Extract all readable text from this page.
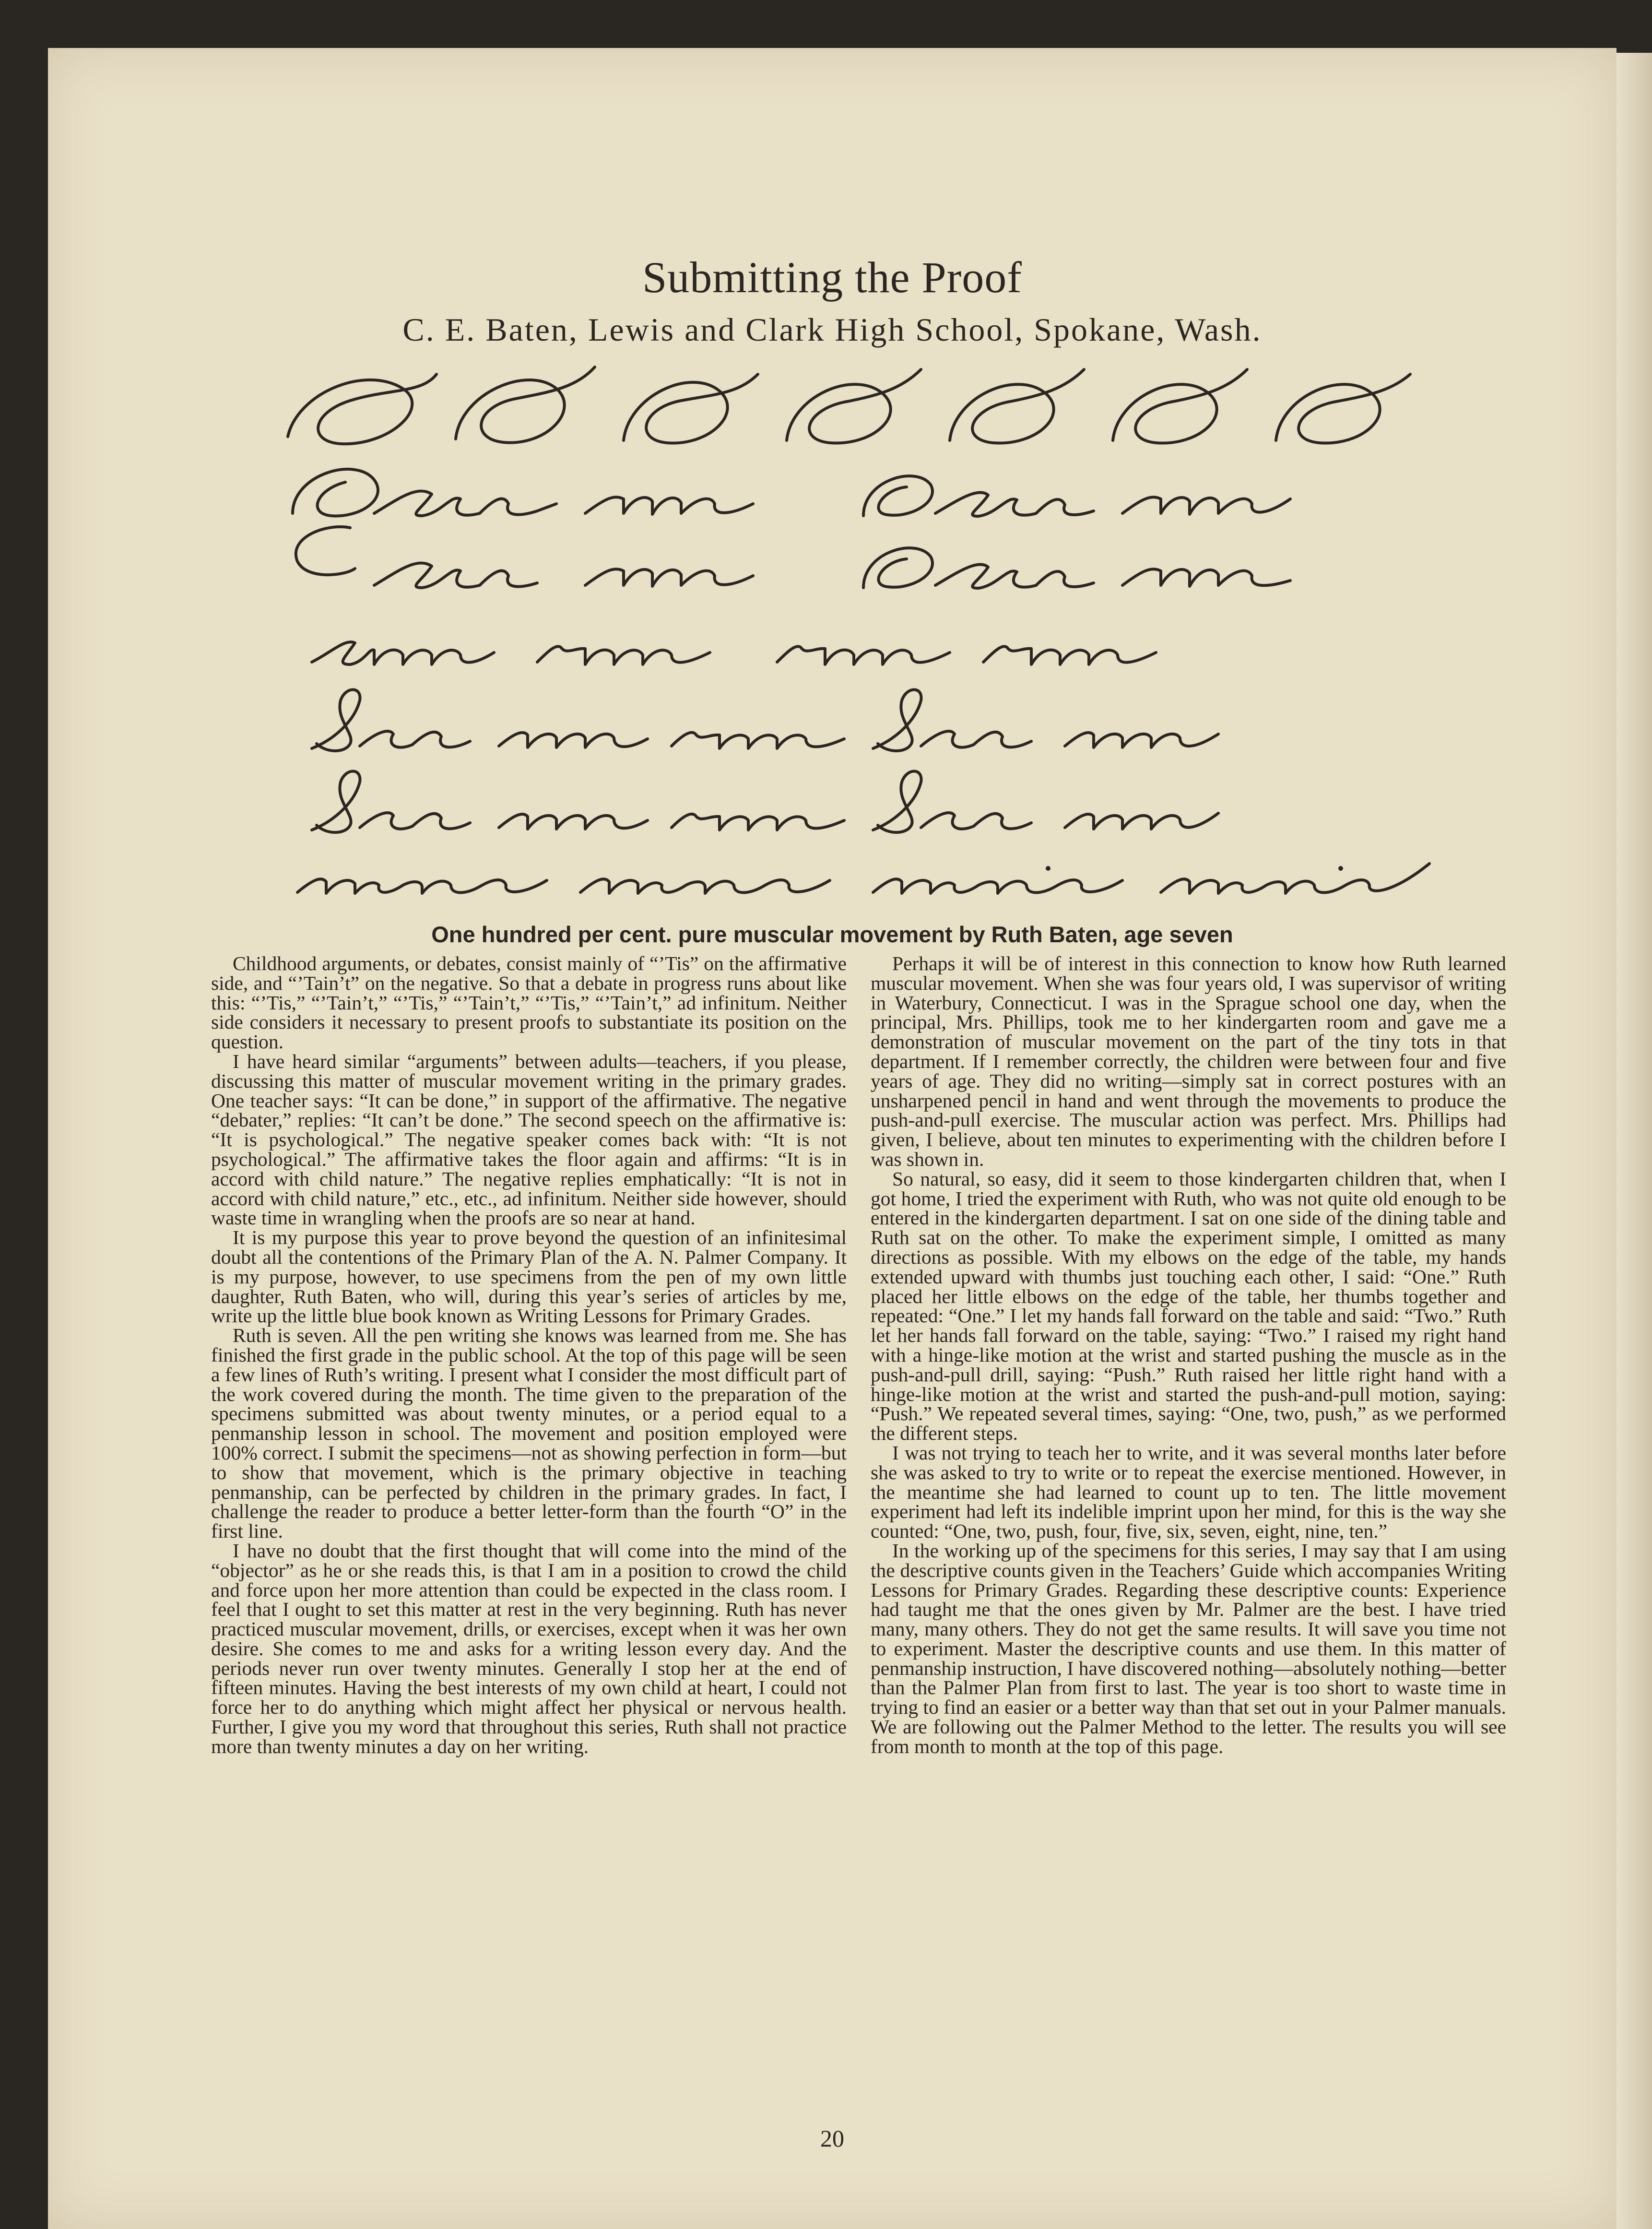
Submitting the Proof

C. E. Baten, Lewis and Clark High School, Spokane, Wash.

One hundred per cent. pure muscular movement by Ruth Baten, age seven

Childhood arguments, or debates, consist mainly of “’Tis” on the affirmative side, and “’Tain’t” on the negative. So that a debate in progress runs about like this: “’Tis,” “’Tain’t,” “’Tis,” “’Tain’t,” “’Tis,” “’Tain’t,” ad infinitum. Neither side considers it necessary to present proofs to substantiate its position on the question.

I have heard similar “arguments” between adults—teachers, if you please, discussing this matter of muscular movement writing in the primary grades. One teacher says: “It can be done,” in support of the affirmative. The negative “debater,” replies: “It can’t be done.” The second speech on the affirmative is: “It is psychological.” The negative speaker comes back with: “It is not psychological.” The affirmative takes the floor again and affirms: “It is in accord with child nature.” The negative replies emphatically: “It is not in accord with child nature,” etc., etc., ad infinitum. Neither side however, should waste time in wrangling when the proofs are so near at hand.

It is my purpose this year to prove beyond the question of an infinitesimal doubt all the contentions of the Primary Plan of the A. N. Palmer Company. It is my purpose, however, to use specimens from the pen of my own little daughter, Ruth Baten, who will, during this year’s series of articles by me, write up the little blue book known as Writing Lessons for Primary Grades.

Ruth is seven. All the pen writing she knows was learned from me. She has finished the first grade in the public school. At the top of this page will be seen a few lines of Ruth’s writing. I present what I consider the most difficult part of the work covered during the month. The time given to the preparation of the specimens submitted was about twenty minutes, or a period equal to a penmanship lesson in school. The movement and position employed were 100% correct. I submit the specimens—not as showing perfection in form—but to show that movement, which is the primary objective in teaching penmanship, can be perfected by children in the primary grades. In fact, I challenge the reader to produce a better letter-form than the fourth “O” in the first line.

I have no doubt that the first thought that will come into the mind of the “objector” as he or she reads this, is that I am in a position to crowd the child and force upon her more attention than could be expected in the class room. I feel that I ought to set this matter at rest in the very beginning. Ruth has never practiced muscular movement, drills, or exercises, except when it was her own desire. She comes to me and asks for a writing lesson every day. And the periods never run over twenty minutes. Generally I stop her at the end of fifteen minutes. Having the best interests of my own child at heart, I could not force her to do anything which might affect her physical or nervous health. Further, I give you my word that throughout this series, Ruth shall not practice more than twenty minutes a day on her writing.

Perhaps it will be of interest in this connection to know how Ruth learned muscular movement. When she was four years old, I was supervisor of writing in Waterbury, Connecticut. I was in the Sprague school one day, when the principal, Mrs. Phillips, took me to her kindergarten room and gave me a demonstration of muscular movement on the part of the tiny tots in that department. If I remember correctly, the children were between four and five years of age. They did no writing—simply sat in correct postures with an unsharpened pencil in hand and went through the movements to produce the push-and-pull exercise. The muscular action was perfect. Mrs. Phillips had given, I believe, about ten minutes to experimenting with the children before I was shown in.

So natural, so easy, did it seem to those kindergarten children that, when I got home, I tried the experiment with Ruth, who was not quite old enough to be entered in the kindergarten department. I sat on one side of the dining table and Ruth sat on the other. To make the experiment simple, I omitted as many directions as possible. With my elbows on the edge of the table, my hands extended upward with thumbs just touching each other, I said: “One.” Ruth placed her little elbows on the edge of the table, her thumbs together and repeated: “One.” I let my hands fall forward on the table and said: “Two.” Ruth let her hands fall forward on the table, saying: “Two.” I raised my right hand with a hinge-like motion at the wrist and started pushing the muscle as in the push-and-pull drill, saying: “Push.” Ruth raised her little right hand with a hinge-like motion at the wrist and started the push-and-pull motion, saying: “Push.” We repeated several times, saying: “One, two, push,” as we performed the different steps.

I was not trying to teach her to write, and it was several months later before she was asked to try to write or to repeat the exercise mentioned. However, in the meantime she had learned to count up to ten. The little movement experiment had left its indelible imprint upon her mind, for this is the way she counted: “One, two, push, four, five, six, seven, eight, nine, ten.”

In the working up of the specimens for this series, I may say that I am using the descriptive counts given in the Teachers’ Guide which accompanies Writing Lessons for Primary Grades. Regarding these descriptive counts: Experience had taught me that the ones given by Mr. Palmer are the best. I have tried many, many others. They do not get the same results. It will save you time not to experiment. Master the descriptive counts and use them. In this matter of penmanship instruction, I have discovered nothing—absolutely nothing—better than the Palmer Plan from first to last. The year is too short to waste time in trying to find an easier or a better way than that set out in your Palmer manuals. We are following out the Palmer Method to the letter. The results you will see from month to month at the top of this page.

20
